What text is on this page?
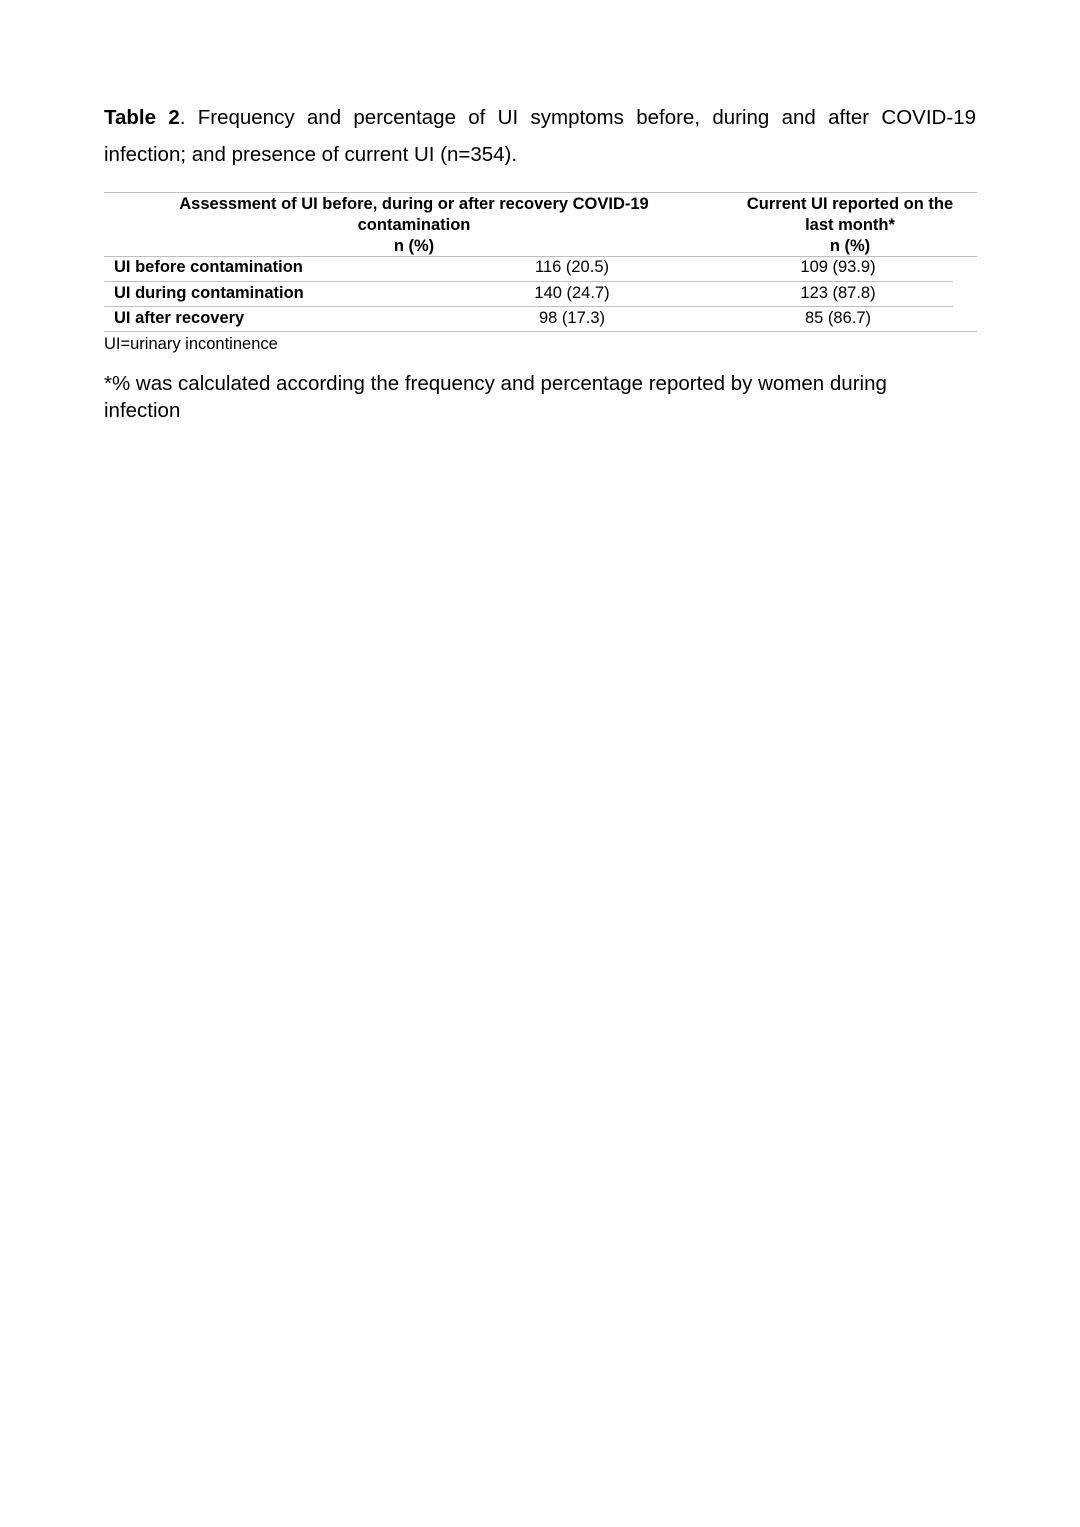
Table 2. Frequency and percentage of UI symptoms before, during and after COVID-19 infection; and presence of current UI (n=354).
Assessment of UI before, during or after recovery COVID-19
contamination
n (%)
Current UI reported on the
last month*
n (%)
UI before contamination	116 (20.5)	109 (93.9)
UI during contamination	140 (24.7)	123 (87.8)
UI after recovery	98 (17.3)	85 (86.7)
UI=urinary incontinence
*% was calculated according the frequency and percentage reported by women during infection
